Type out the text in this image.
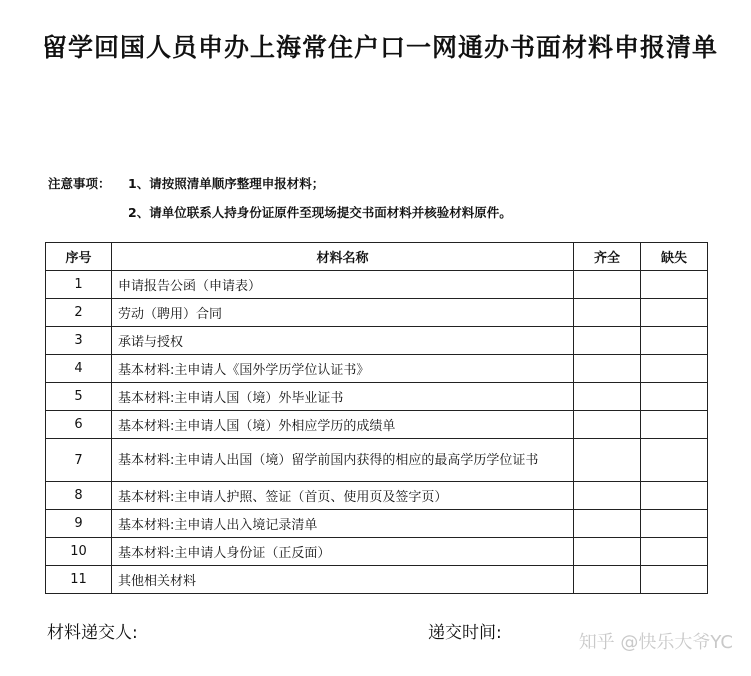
留学回国人员申办上海常住户口一网通办书面材料申报清单
注意事项： 1、请按照清单顺序整理申报材料；
2、请单位联系人持身份证原件至现场提交书面材料并核验材料原件。
序号	材料名称	齐全	缺失
1	申请报告公函（申请表）		
2	劳动（聘用）合同		
3	承诺与授权		
4	基本材料:主申请人《国外学历学位认证书》		
5	基本材料:主申请人国（境）外毕业证书		
6	基本材料:主申请人国（境）外相应学历的成绩单		
7	基本材料:主申请人出国（境）留学前国内获得的相应的最高学历学位证书		
8	基本材料:主申请人护照、签证（首页、使用页及签字页）		
9	基本材料:主申请人出入境记录清单		
10	基本材料:主申请人身份证（正反面）		
11	其他相关材料		
材料递交人:	递交时间:	知乎 @快乐大爷YC
